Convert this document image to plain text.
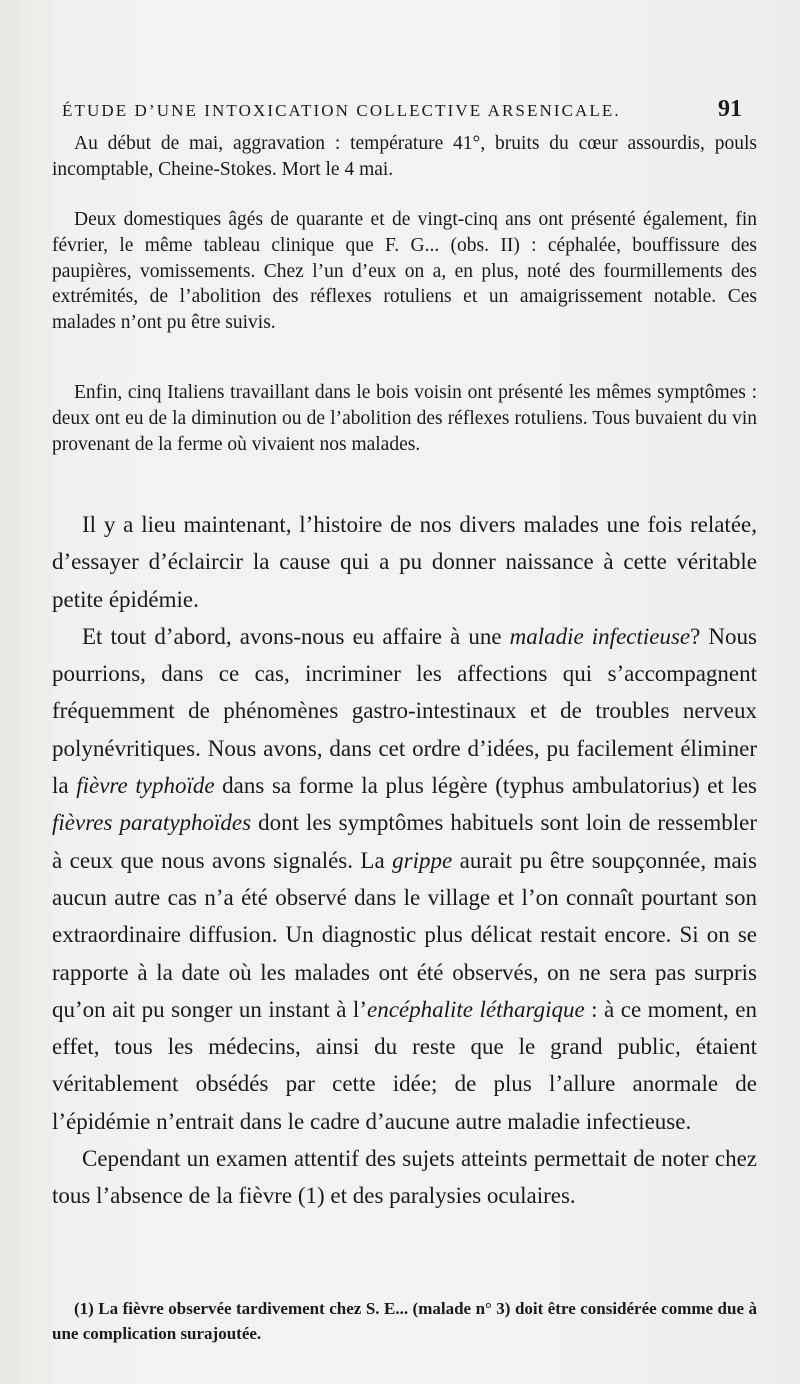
ÉTUDE D’UNE INTOXICATION COLLECTIVE ARSENICALE.	91

Au début de mai, aggravation : température 41°, bruits du cœur assourdis, pouls incomptable, Cheine-Stokes. Mort le 4 mai.

Deux domestiques âgés de quarante et de vingt-cinq ans ont présenté également, fin février, le même tableau clinique que F. G... (obs. II) : céphalée, bouffissure des paupières, vomissements. Chez l’un d’eux on a, en plus, noté des fourmillements des extrémités, de l’abolition des réflexes rotuliens et un amaigrissement notable. Ces malades n’ont pu être suivis.

Enfin, cinq Italiens travaillant dans le bois voisin ont présenté les mêmes symptômes : deux ont eu de la diminution ou de l’abolition des réflexes rotuliens. Tous buvaient du vin provenant de la ferme où vivaient nos malades.

Il y a lieu maintenant, l’histoire de nos divers malades une fois relatée, d’essayer d’éclaircir la cause qui a pu donner naissance à cette véritable petite épidémie.

Et tout d’abord, avons-nous eu affaire à une maladie infectieuse? Nous pourrions, dans ce cas, incriminer les affections qui s’accompagnent fréquemment de phénomènes gastro-intestinaux et de troubles nerveux polynévritiques. Nous avons, dans cet ordre d’idées, pu facilement éliminer la fièvre typhoïde dans sa forme la plus légère (typhus ambulatorius) et les fièvres paratyphoïdes dont les symptômes habituels sont loin de ressembler à ceux que nous avons signalés. La grippe aurait pu être soupçonnée, mais aucun autre cas n’a été observé dans le village et l’on connaît pourtant son extraordinaire diffusion. Un diagnostic plus délicat restait encore. Si on se rapporte à la date où les malades ont été observés, on ne sera pas surpris qu’on ait pu songer un instant à l’encéphalite léthargique : à ce moment, en effet, tous les médecins, ainsi du reste que le grand public, étaient véritablement obsédés par cette idée; de plus l’allure anormale de l’épidémie n’entrait dans le cadre d’aucune autre maladie infectieuse.

Cependant un examen attentif des sujets atteints permettait de noter chez tous l’absence de la fièvre (1) et des paralysies oculaires.

(1) La fièvre observée tardivement chez S. E... (malade n° 3) doit être considérée comme due à une complication surajoutée.
